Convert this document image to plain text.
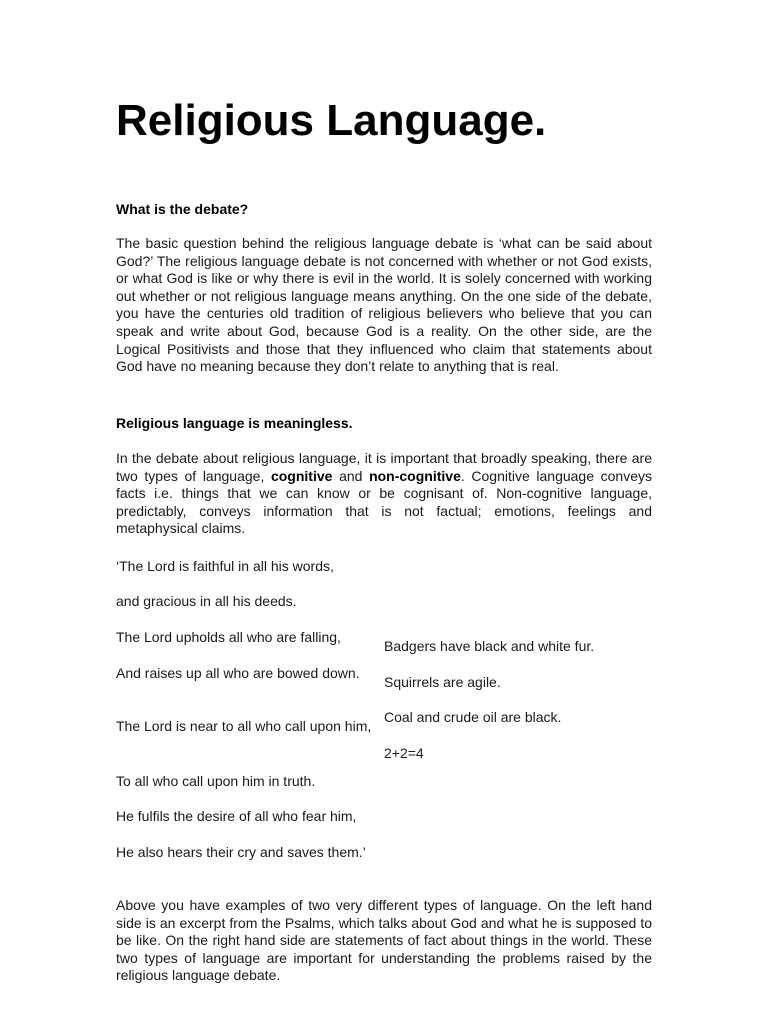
Religious Language.
What is the debate?

The basic question behind the religious language debate is ‘what can be said about God?’ The religious language debate is not concerned with whether or not God exists, or what God is like or why there is evil in the world. It is solely concerned with working out whether or not religious language means anything. On the one side of the debate, you have the centuries old tradition of religious believers who believe that you can speak and write about God, because God is a reality. On the other side, are the Logical Positivists and those that they influenced who claim that statements about God have no meaning because they don’t relate to anything that is real.

Religious language is meaningless.

In the debate about religious language, it is important that broadly speaking, there are two types of language, cognitive and non-cognitive. Cognitive language conveys facts i.e. things that we can know or be cognisant of. Non-cognitive language, predictably, conveys information that is not factual; emotions, feelings and metaphysical claims.

‘The Lord is faithful in all his words,

and gracious in all his deeds.

The Lord upholds all who are falling,

And raises up all who are bowed down.

The Lord is near to all who call upon him,

To all who call upon him in truth.

He fulfils the desire of all who fear him,

He also hears their cry and saves them.’

Badgers have black and white fur.

Squirrels are agile.

Coal and crude oil are black.

2+2=4

Above you have examples of two very different types of language. On the left hand side is an excerpt from the Psalms, which talks about God and what he is supposed to be like. On the right hand side are statements of fact about things in the world. These two types of language are important for understanding the problems raised by the religious language debate.
